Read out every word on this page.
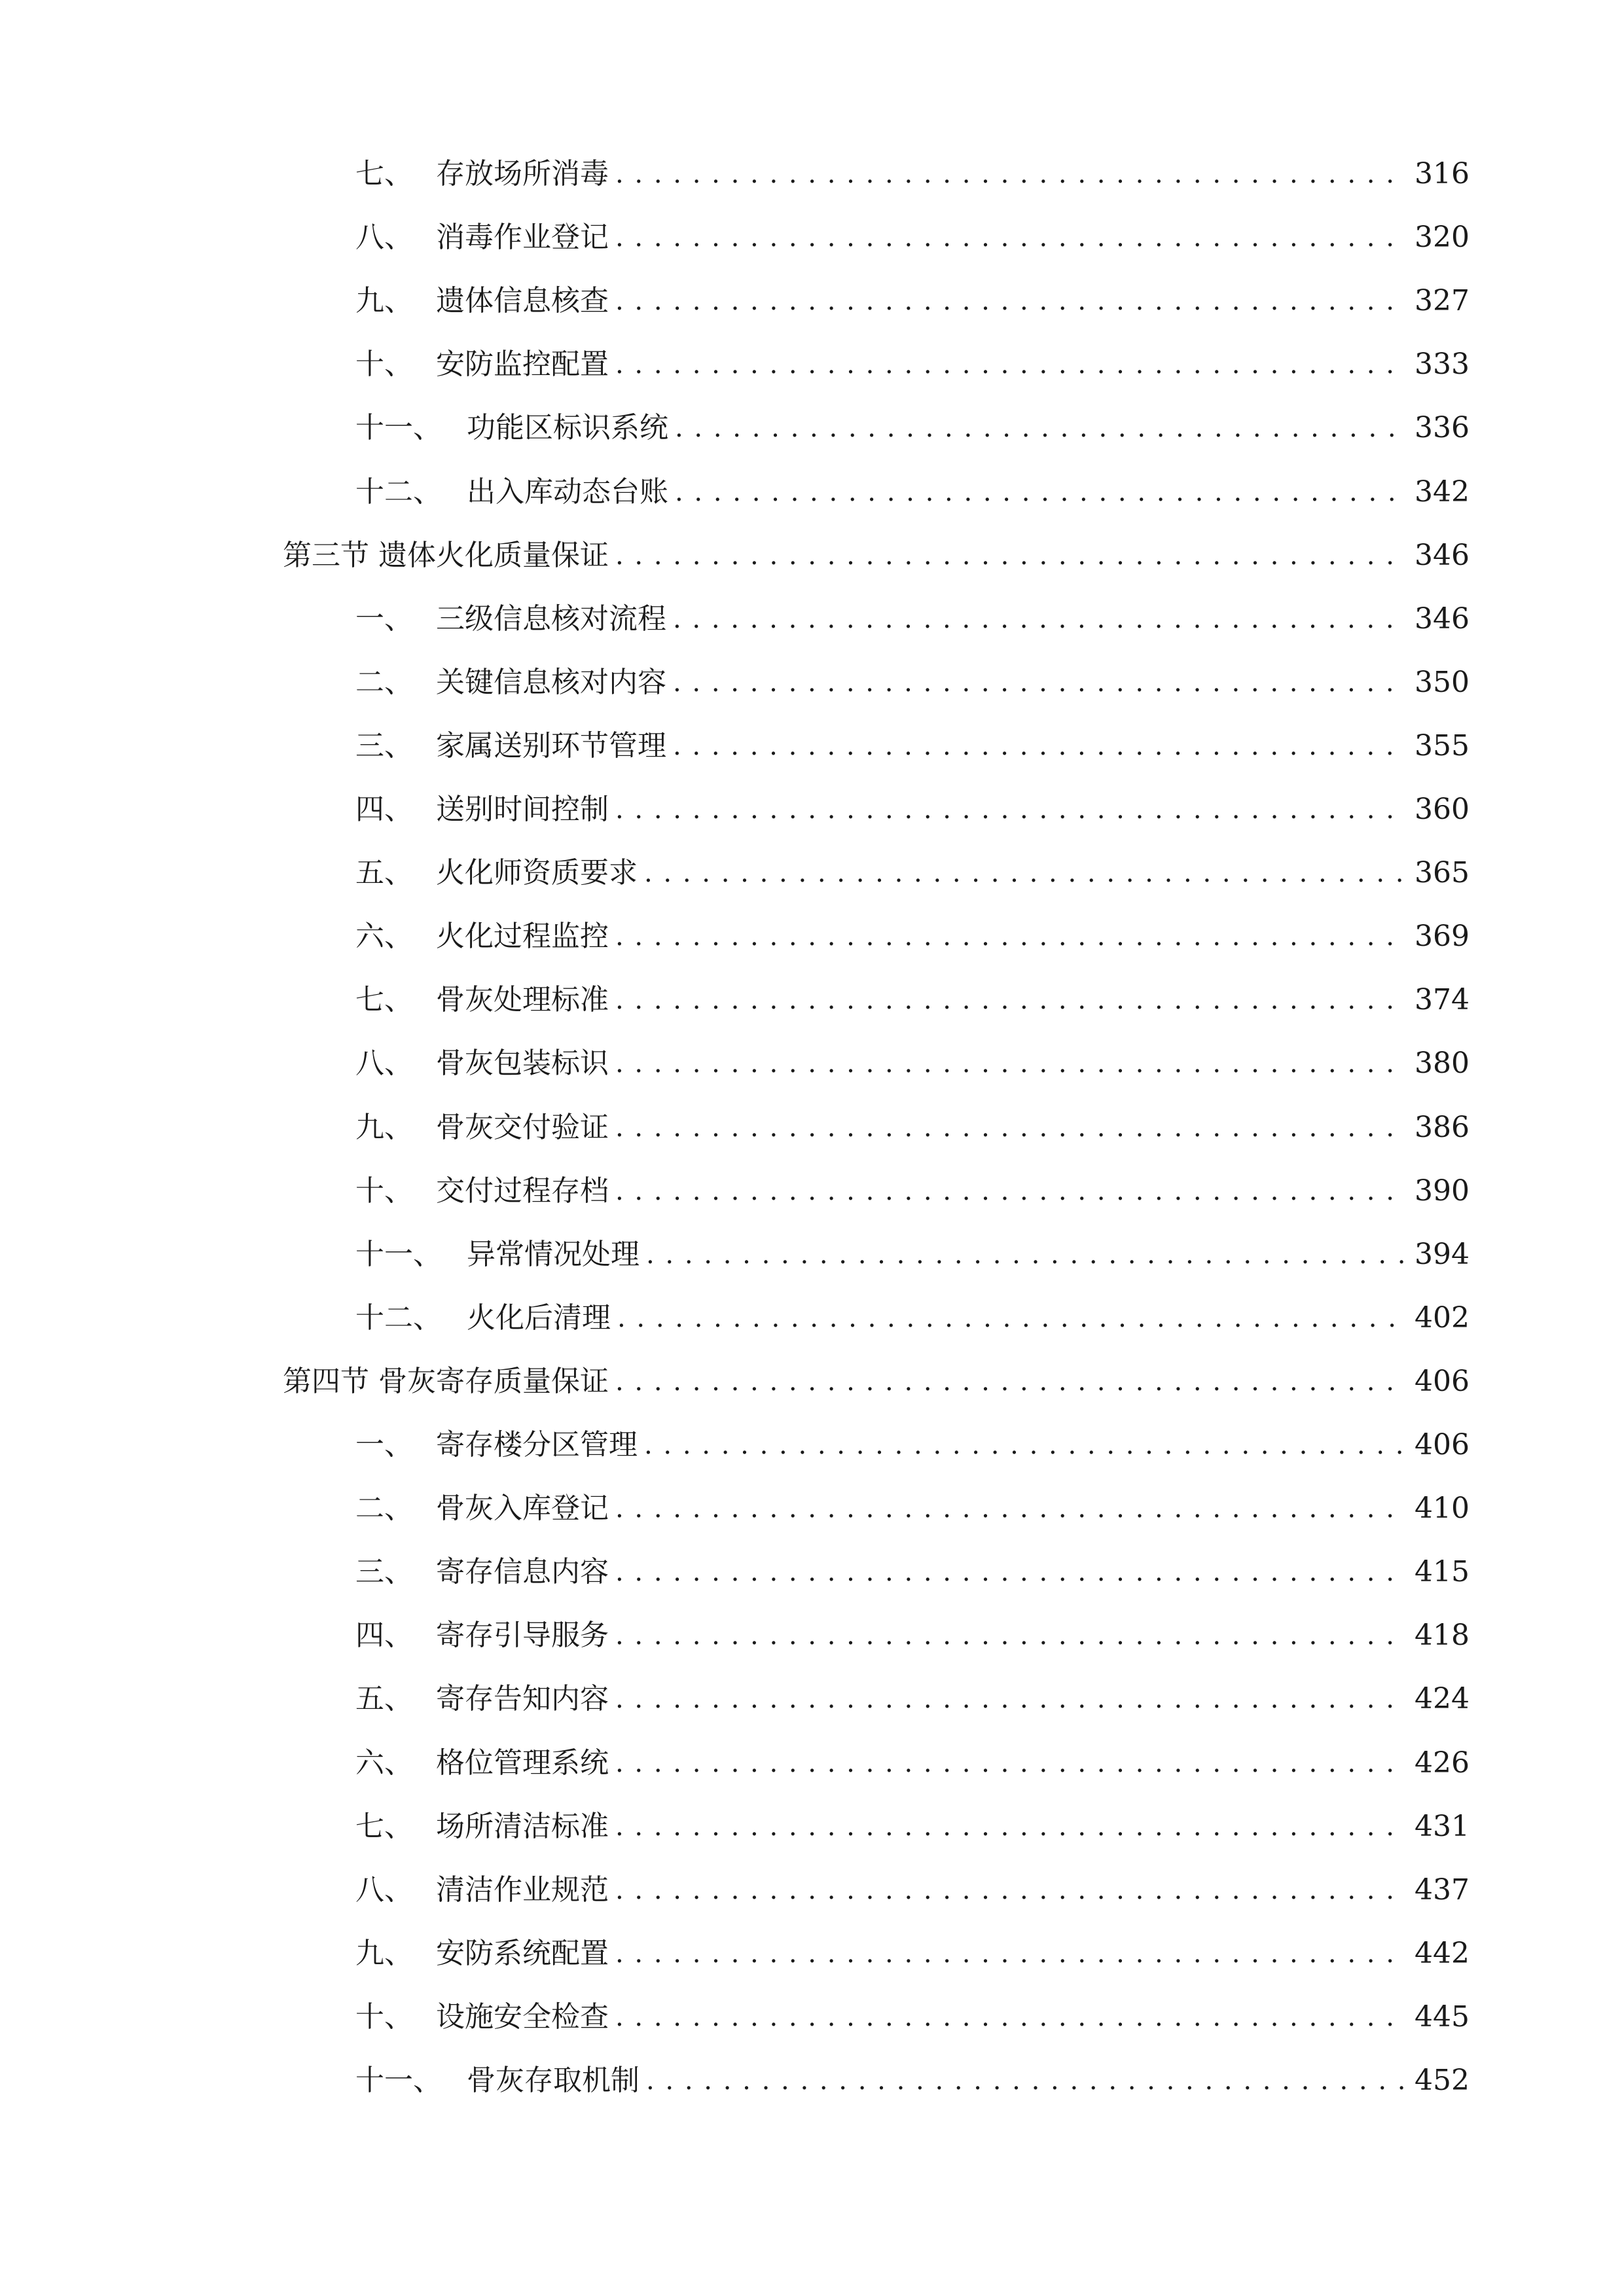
七、 存放场所消毒 . . .	316
八、 消毒作业登记 . . .	320
九、 遗体信息核查 . . .	327
十、 安防监控配置 . . .	333
十一、 功能区标识系统 . . .	336
十二、 出入库动态台账 . . .	342
第三节 遗体火化质量保证 . . .	346
一、 三级信息核对流程 . . .	346
二、 关键信息核对内容 . . .	350
三、 家属送别环节管理 . . .	355
四、 送别时间控制 . . .	360
五、 火化师资质要求 . . .	365
六、 火化过程监控 . . .	369
七、 骨灰处理标准 . . .	374
八、 骨灰包装标识 . . .	380
九、 骨灰交付验证 . . .	386
十、 交付过程存档 . . .	390
十一、 异常情况处理 . . .	394
十二、 火化后清理 . . .	402
第四节 骨灰寄存质量保证 . . .	406
一、 寄存楼分区管理 . . .	406
二、 骨灰入库登记 . . .	410
三、 寄存信息内容 . . .	415
四、 寄存引导服务 . . .	418
五、 寄存告知内容 . . .	424
六、 格位管理系统 . . .	426
七、 场所清洁标准 . . .	431
八、 清洁作业规范 . . .	437
九、 安防系统配置 . . .	442
十、 设施安全检查 . . .	445
十一、 骨灰存取机制 . . .	452
